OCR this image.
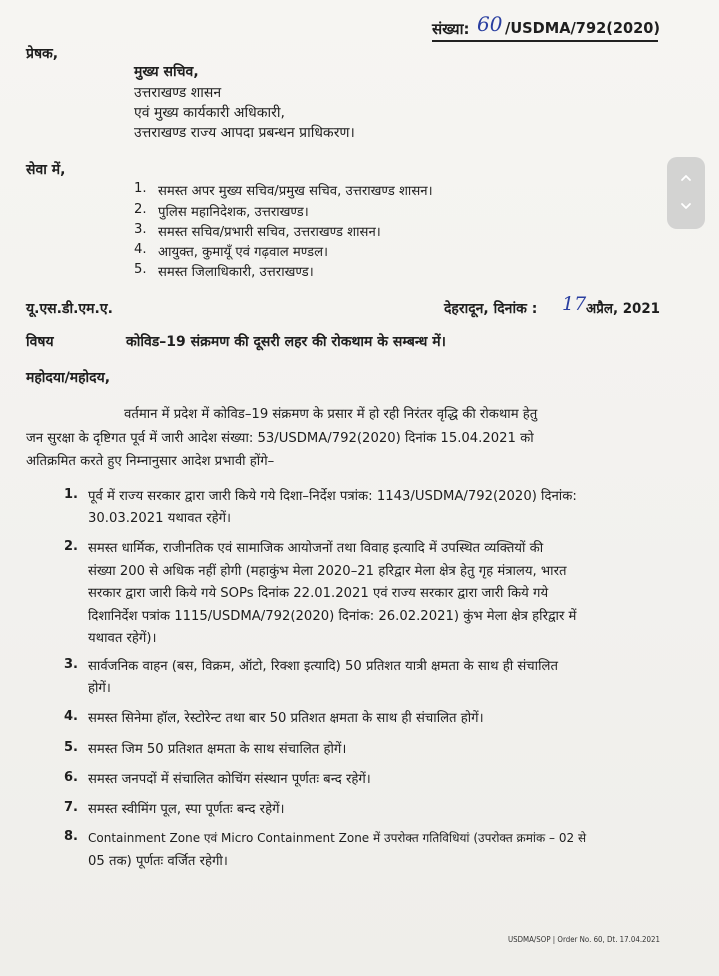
संख्या: 60 /USDMA/792(2020)
प्रेषक,
मुख्य सचिव,
उत्तराखण्ड शासन
एवं मुख्य कार्यकारी अधिकारी,
उत्तराखण्ड राज्य आपदा प्रबन्धन प्राधिकरण।
सेवा में,
1. समस्त अपर मुख्य सचिव/प्रमुख सचिव, उत्तराखण्ड शासन।
2. पुलिस महानिदेशक, उत्तराखण्ड।
3. समस्त सचिव/प्रभारी सचिव, उत्तराखण्ड शासन।
4. आयुक्त, कुमायूँ एवं गढ़वाल मण्डल।
5. समस्त जिलाधिकारी, उत्तराखण्ड।
यू.एस.डी.एम.ए.	देहरादून, दिनांक : 17 अप्रैल, 2021
विषय	कोविड–19 संक्रमण की दूसरी लहर की रोकथाम के सम्बन्ध में।
महोदया/महोदय,
वर्तमान में प्रदेश में कोविड–19 संक्रमण के प्रसार में हो रही निरंतर वृद्धि की रोकथाम हेतु
जन सुरक्षा के दृष्टिगत पूर्व में जारी आदेश संख्या: 53/USDMA/792(2020) दिनांक 15.04.2021 को
अतिक्रमित करते हुए निम्नानुसार आदेश प्रभावी होंगे–
1. पूर्व में राज्य सरकार द्वारा जारी किये गये दिशा–निर्देश पत्रांक: 1143/USDMA/792(2020) दिनांक:
30.03.2021 यथावत रहेगें।
2. समस्त धार्मिक, राजीनतिक एवं सामाजिक आयोजनों तथा विवाह इत्यादि में उपस्थित व्यक्तियों की
संख्या 200 से अधिक नहीं होगी (महाकुंभ मेला 2020–21 हरिद्वार मेला क्षेत्र हेतु गृह मंत्रालय, भारत
सरकार द्वारा जारी किये गये SOPs दिनांक 22.01.2021 एवं राज्य सरकार द्वारा जारी किये गये
दिशानिर्देश पत्रांक 1115/USDMA/792(2020) दिनांक: 26.02.2021) कुंभ मेला क्षेत्र हरिद्वार में
यथावत रहेगें)।
3. सार्वजनिक वाहन (बस, विक्रम, ऑटो, रिक्शा इत्यादि) 50 प्रतिशत यात्री क्षमता के साथ ही संचालित
होगें।
4. समस्त सिनेमा हॉल, रेस्टोरेन्ट तथा बार 50 प्रतिशत क्षमता के साथ ही संचालित होगें।
5. समस्त जिम 50 प्रतिशत क्षमता के साथ संचालित होगें।
6. समस्त जनपदों में संचालित कोचिंग संस्थान पूर्णतः बन्द रहेगें।
7. समस्त स्वीमिंग पूल, स्पा पूर्णतः बन्द रहेगें।
8. Containment Zone एवं Micro Containment Zone में उपरोक्त गतिविधियां (उपरोक्त क्रमांक – 02 से
05 तक) पूर्णतः वर्जित रहेगी।
USDMA/SOP | Order No. 60, Dt. 17.04.2021
